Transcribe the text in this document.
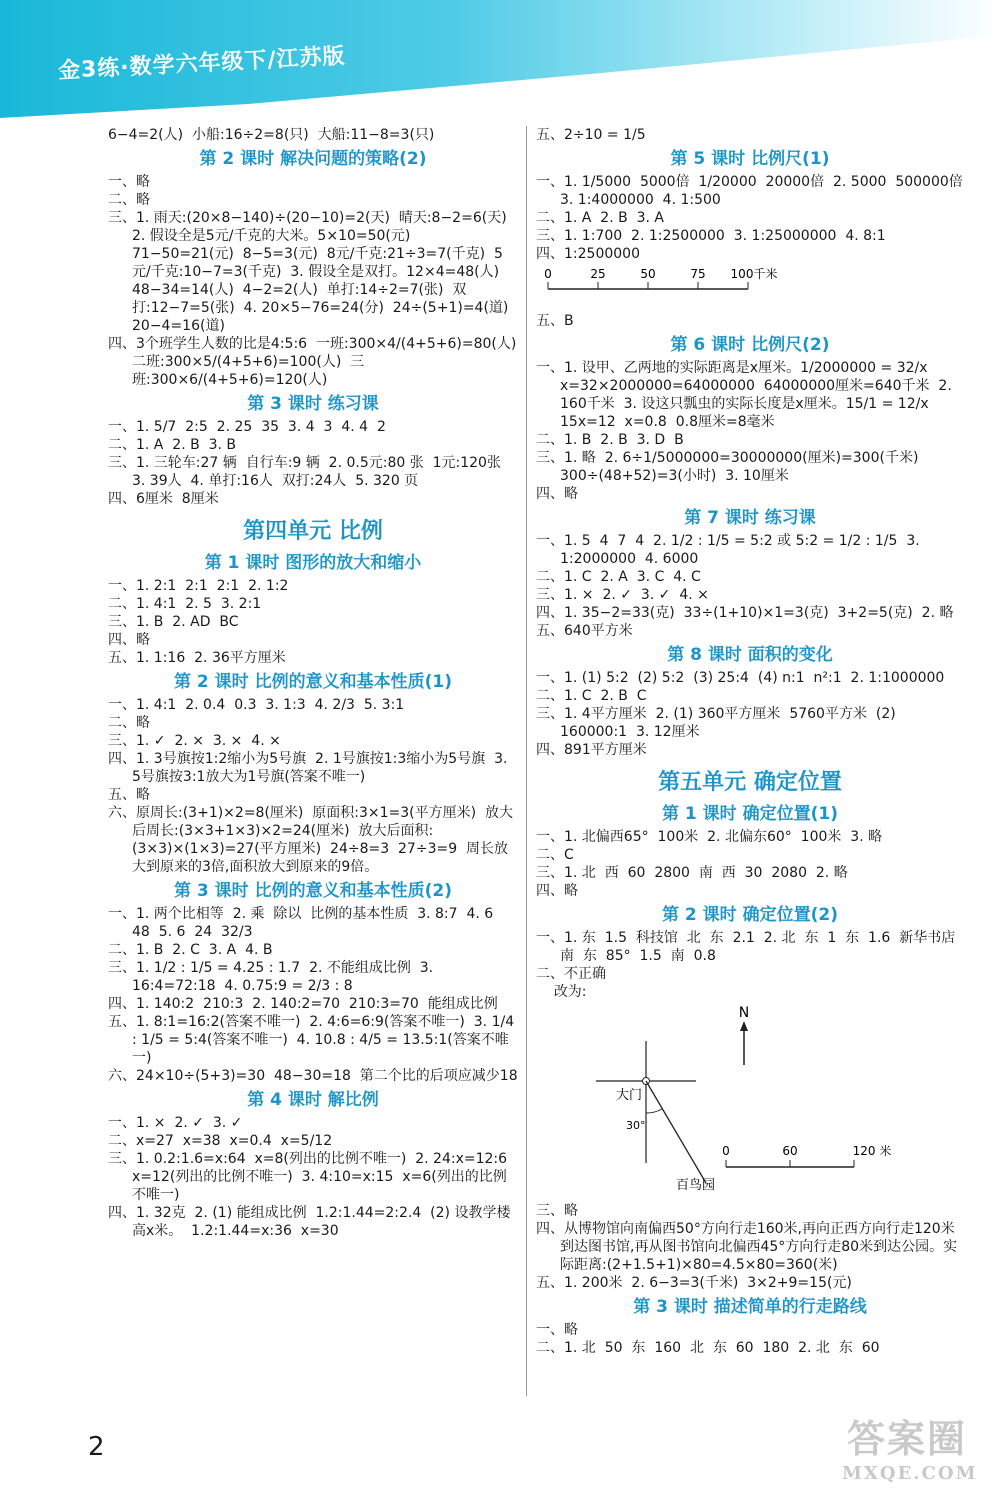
金3练·数学六年级下/江苏版
6−4=2(人)  小船:16÷2=8(只)  大船:11−8=3(只)
第 2 课时 解决问题的策略(2)
一、略
二、略
三、1. 雨天:(20×8−140)÷(20−10)=2(天)  晴天:8−2=6(天)  2. 假设全是5元/千克的大米。5×10=50(元)  71−50=21(元)  8−5=3(元)  8元/千克:21÷3=7(千克)  5元/千克:10−7=3(千克)  3. 假设全是双打。12×4=48(人)  48−34=14(人)  4−2=2(人)  单打:14÷2=7(张)  双打:12−7=5(张)  4. 20×5−76=24(分)  24÷(5+1)=4(道)  20−4=16(道)
四、3个班学生人数的比是4:5:6  一班:300×4/(4+5+6)=80(人)  二班:300×5/(4+5+6)=100(人)  三班:300×6/(4+5+6)=120(人)
第 3 课时 练习课
一、1. 5/7  2:5  2. 25  35  3. 4  3  4. 4  2
二、1. A  2. B  3. B
三、1. 三轮车:27 辆  自行车:9 辆  2. 0.5元:80 张  1元:120张  3. 39人  4. 单打:16人  双打:24人  5. 320 页
四、6厘米  8厘米
第四单元 比例
第 1 课时 图形的放大和缩小
一、1. 2:1  2:1  2:1  2. 1:2
二、1. 4:1  2. 5  3. 2:1
三、1. B  2. AD  BC
四、略
五、1. 1:16  2. 36平方厘米
第 2 课时 比例的意义和基本性质(1)
一、1. 4:1  2. 0.4  0.3  3. 1:3  4. 2/3  5. 3:1
二、略
三、1. ✓  2. ×  3. ×  4. ×
四、1. 3号旗按1:2缩小为5号旗  2. 1号旗按1:3缩小为5号旗  3. 5号旗按3:1放大为1号旗(答案不唯一)
五、略
六、原周长:(3+1)×2=8(厘米)  原面积:3×1=3(平方厘米)  放大后周长:(3×3+1×3)×2=24(厘米)  放大后面积:(3×3)×(1×3)=27(平方厘米)  24÷8=3  27÷3=9  周长放大到原来的3倍,面积放大到原来的9倍。
第 3 课时 比例的意义和基本性质(2)
一、1. 两个比相等  2. 乘  除以  比例的基本性质  3. 8:7  4. 6  48  5. 6  24  32/3
二、1. B  2. C  3. A  4. B
三、1. 1/2 : 1/5 = 4.25 : 1.7  2. 不能组成比例  3. 16:4=72:18  4. 0.75:9 = 2/3 : 8
四、1. 140:2  210:3  2. 140:2=70  210:3=70  能组成比例
五、1. 8:1=16:2(答案不唯一)  2. 4:6=6:9(答案不唯一)  3. 1/4 : 1/5 = 5:4(答案不唯一)  4. 10.8 : 4/5 = 13.5:1(答案不唯一)
六、24×10÷(5+3)=30  48−30=18  第二个比的后项应减少18
第 4 课时 解比例
一、1. ×  2. ✓  3. ✓
二、x=27  x=38  x=0.4  x=5/12
三、1. 0.2:1.6=x:64  x=8(列出的比例不唯一)  2. 24:x=12:6  x=12(列出的比例不唯一)  3. 4:10=x:15  x=6(列出的比例不唯一)
四、1. 32克  2. (1) 能组成比例  1.2:1.44=2:2.4  (2) 设教学楼高x米。  1.2:1.44=x:36  x=30
五、2÷10 = 1/5
第 5 课时 比例尺(1)
一、1. 1/5000  5000倍  1/20000  20000倍  2. 5000  500000倍  3. 1:4000000  4. 1:500
二、1. A  2. B  3. A
三、1. 1:700  2. 1:2500000  3. 1:25000000  4. 8:1
四、1:2500000
0	25	50	75 100千米
五、B
第 6 课时 比例尺(2)
一、1. 设甲、乙两地的实际距离是x厘米。1/2000000 = 32/x  x=32×2000000=64000000  64000000厘米=640千米  2. 160千米  3. 设这只瓢虫的实际长度是x厘米。15/1 = 12/x  15x=12  x=0.8  0.8厘米=8毫米
二、1. B  2. B  3. D  B
三、1. 略  2. 6÷1/5000000=30000000(厘米)=300(千米)  300÷(48+52)=3(小时)  3. 10厘米
四、略
第 7 课时 练习课
一、1. 5  4  7  4  2. 1/2 : 1/5 = 5:2 或 5:2 = 1/2 : 1/5  3. 1:2000000  4. 6000
二、1. C  2. A  3. C  4. C
三、1. ×  2. ✓  3. ✓  4. ×
四、1. 35−2=33(克)  33÷(1+10)×1=3(克)  3+2=5(克)  2. 略
五、640平方米
第 8 课时 面积的变化
一、1. (1) 5:2  (2) 5:2  (3) 25:4  (4) n:1  n²:1  2. 1:1000000
二、1. C  2. B  C
三、1. 4平方厘米  2. (1) 360平方厘米  5760平方米  (2) 160000:1  3. 12厘米
四、891平方厘米
第五单元 确定位置
第 1 课时 确定位置(1)
一、1. 北偏西65°  100米  2. 北偏东60°  100米  3. 略
二、C
三、1. 北  西  60  2800  南  西  30  2080  2. 略
四、略
第 2 课时 确定位置(2)
一、1. 东  1.5  科技馆  北  东  2.1  2. 北  东  1  东  1.6  新华书店  南  东  85°  1.5  南  0.8
二、不正确
改为:
N
大门
30°
0	60	120 米
百鸟园
三、略
四、从博物馆向南偏西50°方向行走160米,再向正西方向行走120米到达图书馆,再从图书馆向北偏西45°方向行走80米到达公园。实际距离:(2+1.5+1)×80=4.5×80=360(米)
五、1. 200米  2. 6−3=3(千米)  3×2+9=15(元)
第 3 课时 描述简单的行走路线
一、略
二、1. 北  50  东  160  北  东  60  180  2. 北  东  60
2	答案圈
MXQE.COM
